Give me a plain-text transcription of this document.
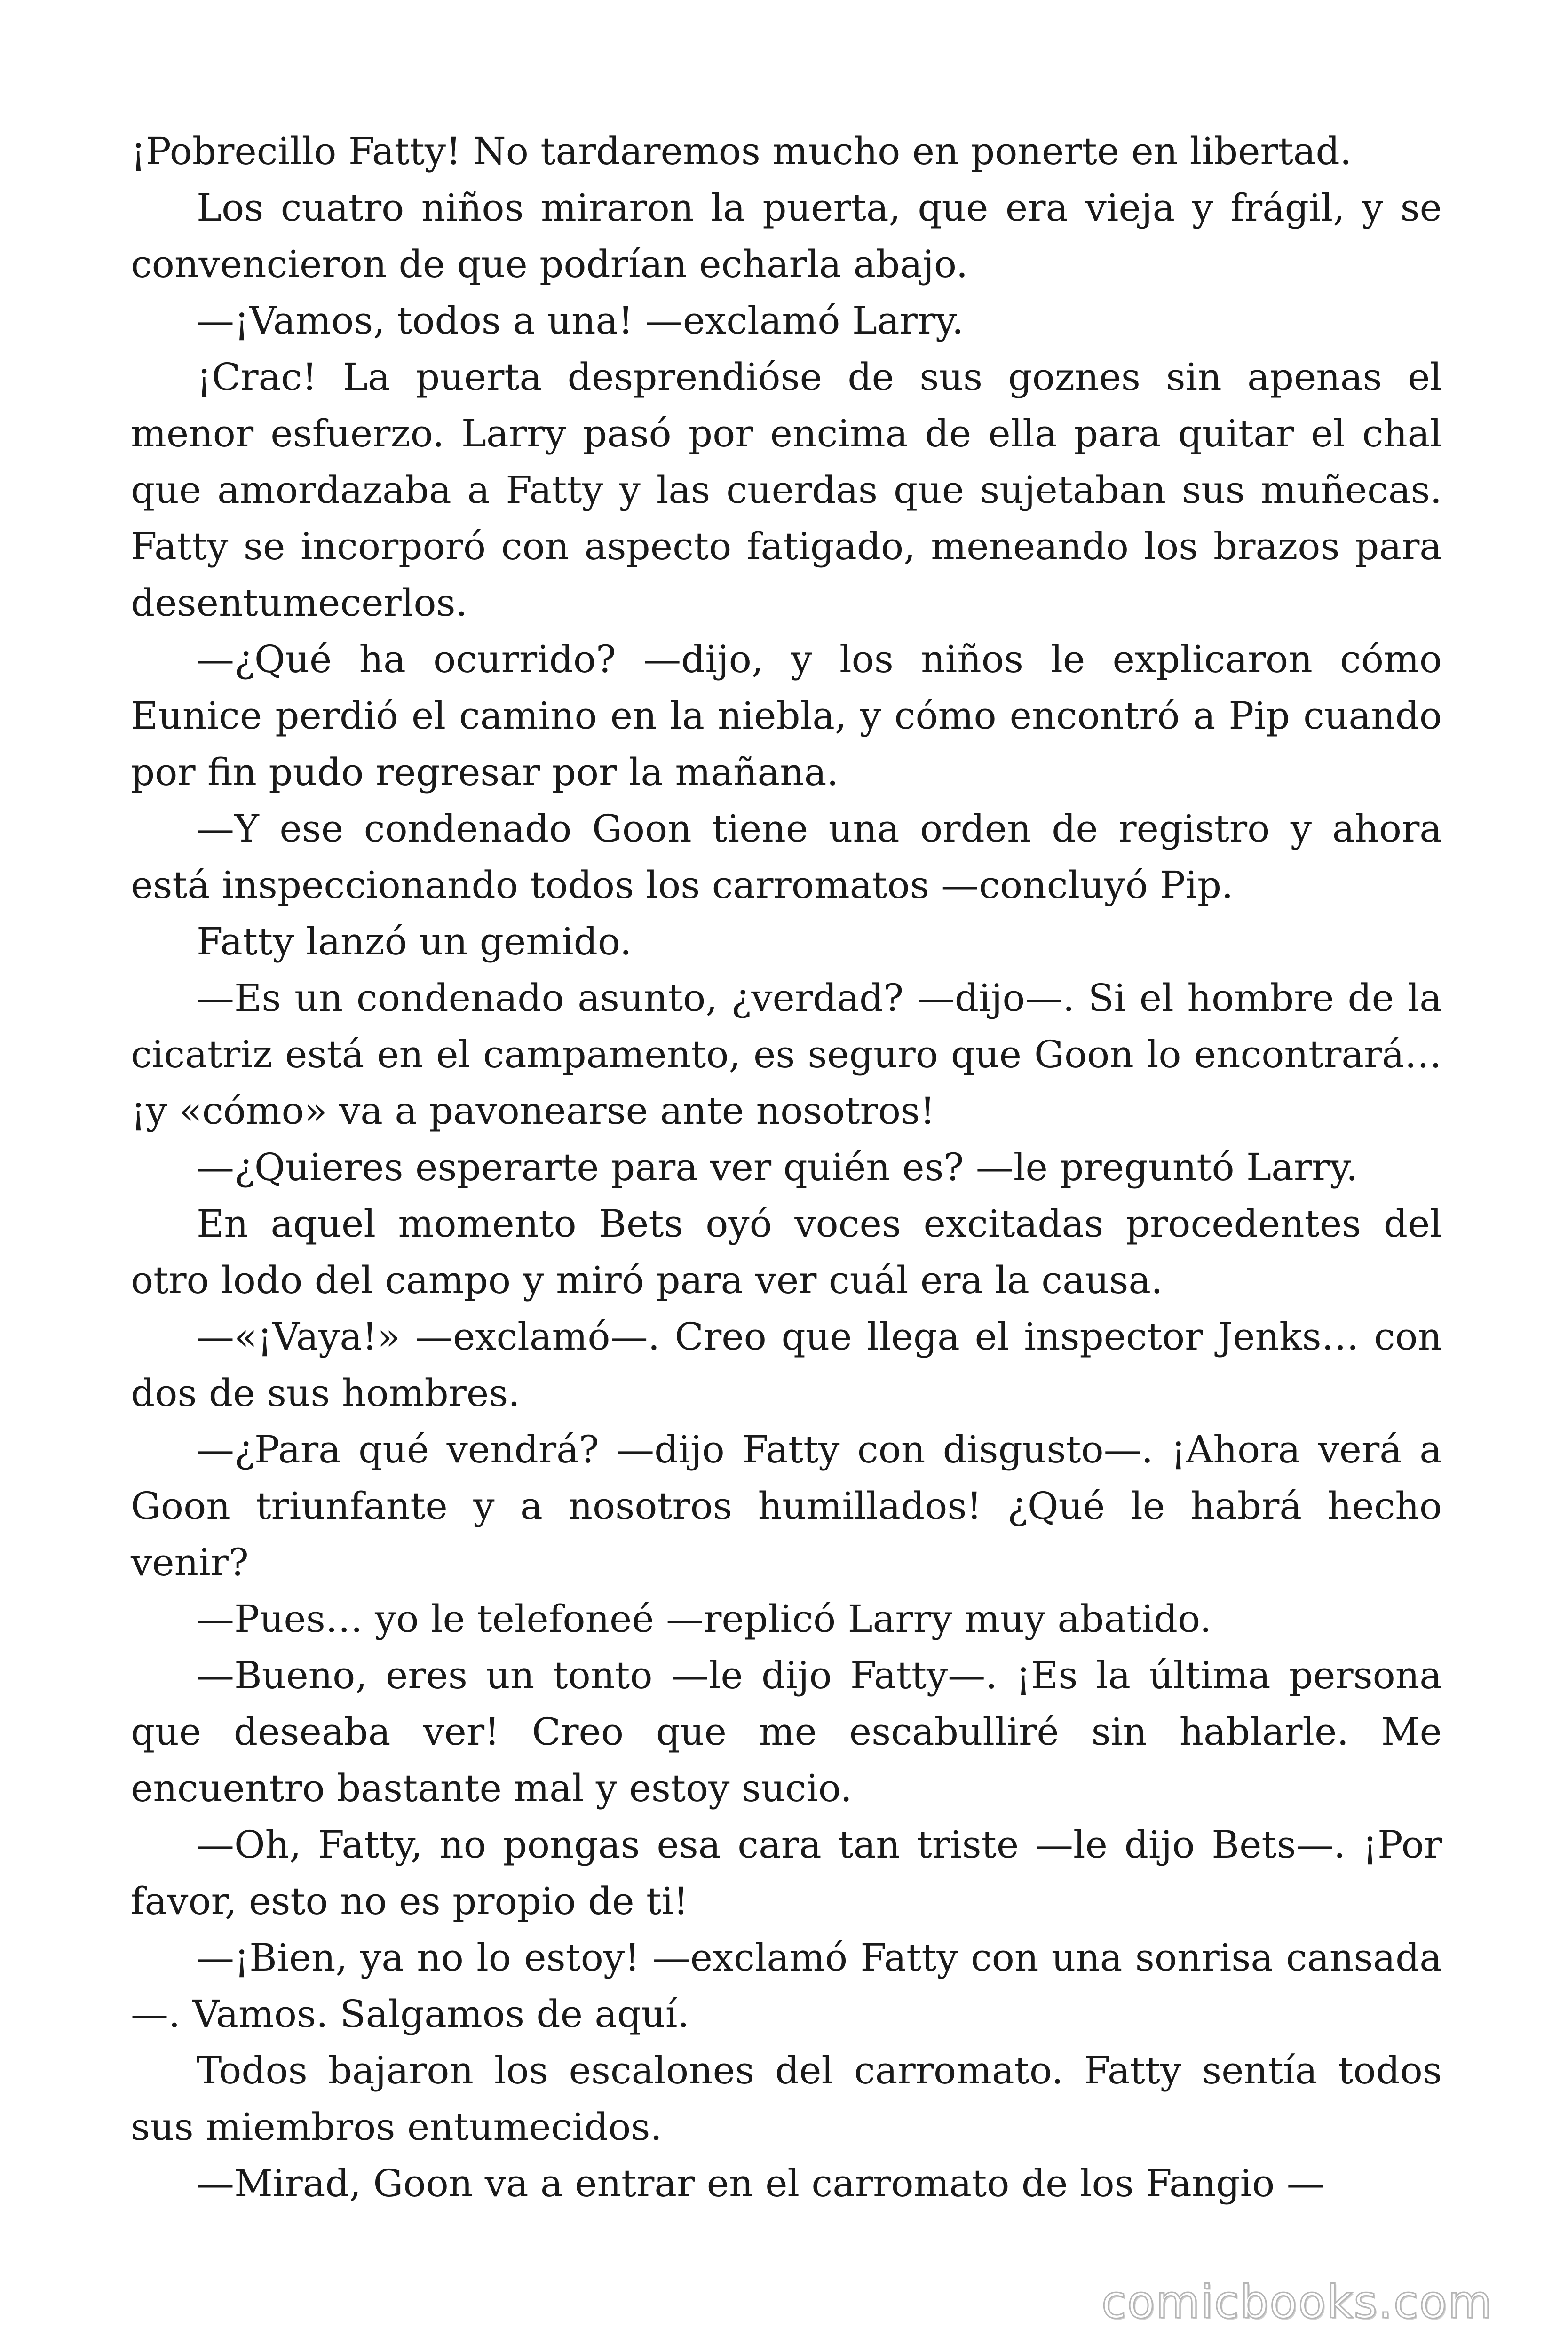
¡Pobrecillo Fatty! No tardaremos mucho en ponerte en libertad.

Los cuatro niños miraron la puerta, que era vieja y frágil, y se convencieron de que podrían echarla abajo.

—¡Vamos, todos a una! —exclamó Larry.

¡Crac! La puerta desprendióse de sus goznes sin apenas el menor esfuerzo. Larry pasó por encima de ella para quitar el chal que amordazaba a Fatty y las cuerdas que sujetaban sus muñecas. Fatty se incorporó con aspecto fatigado, meneando los brazos para desentumecerlos.

—¿Qué ha ocurrido? —dijo, y los niños le explicaron cómo Eunice perdió el camino en la niebla, y cómo encontró a Pip cuando por fin pudo regresar por la mañana.

—Y ese condenado Goon tiene una orden de registro y ahora está inspeccionando todos los carromatos —concluyó Pip.

Fatty lanzó un gemido.

—Es un condenado asunto, ¿verdad? —dijo—. Si el hombre de la cicatriz está en el campamento, es seguro que Goon lo encontrará… ¡y «cómo» va a pavonearse ante nosotros!

—¿Quieres esperarte para ver quién es? —le preguntó Larry.

En aquel momento Bets oyó voces excitadas procedentes del otro lodo del campo y miró para ver cuál era la causa.

—«¡Vaya!» —exclamó—. Creo que llega el inspector Jenks… con dos de sus hombres.

—¿Para qué vendrá? —dijo Fatty con disgusto—. ¡Ahora verá a Goon triunfante y a nosotros humillados! ¿Qué le habrá hecho venir?

—Pues… yo le telefoneé —replicó Larry muy abatido.

—Bueno, eres un tonto —le dijo Fatty—. ¡Es la última persona que deseaba ver! Creo que me escabulliré sin hablarle. Me encuentro bastante mal y estoy sucio.

—Oh, Fatty, no pongas esa cara tan triste —le dijo Bets—. ¡Por favor, esto no es propio de ti!

—¡Bien, ya no lo estoy! —exclamó Fatty con una sonrisa cansada—. Vamos. Salgamos de aquí.

Todos bajaron los escalones del carromato. Fatty sentía todos sus miembros entumecidos.

—Mirad, Goon va a entrar en el carromato de los Fangio —

comicbooks.com
